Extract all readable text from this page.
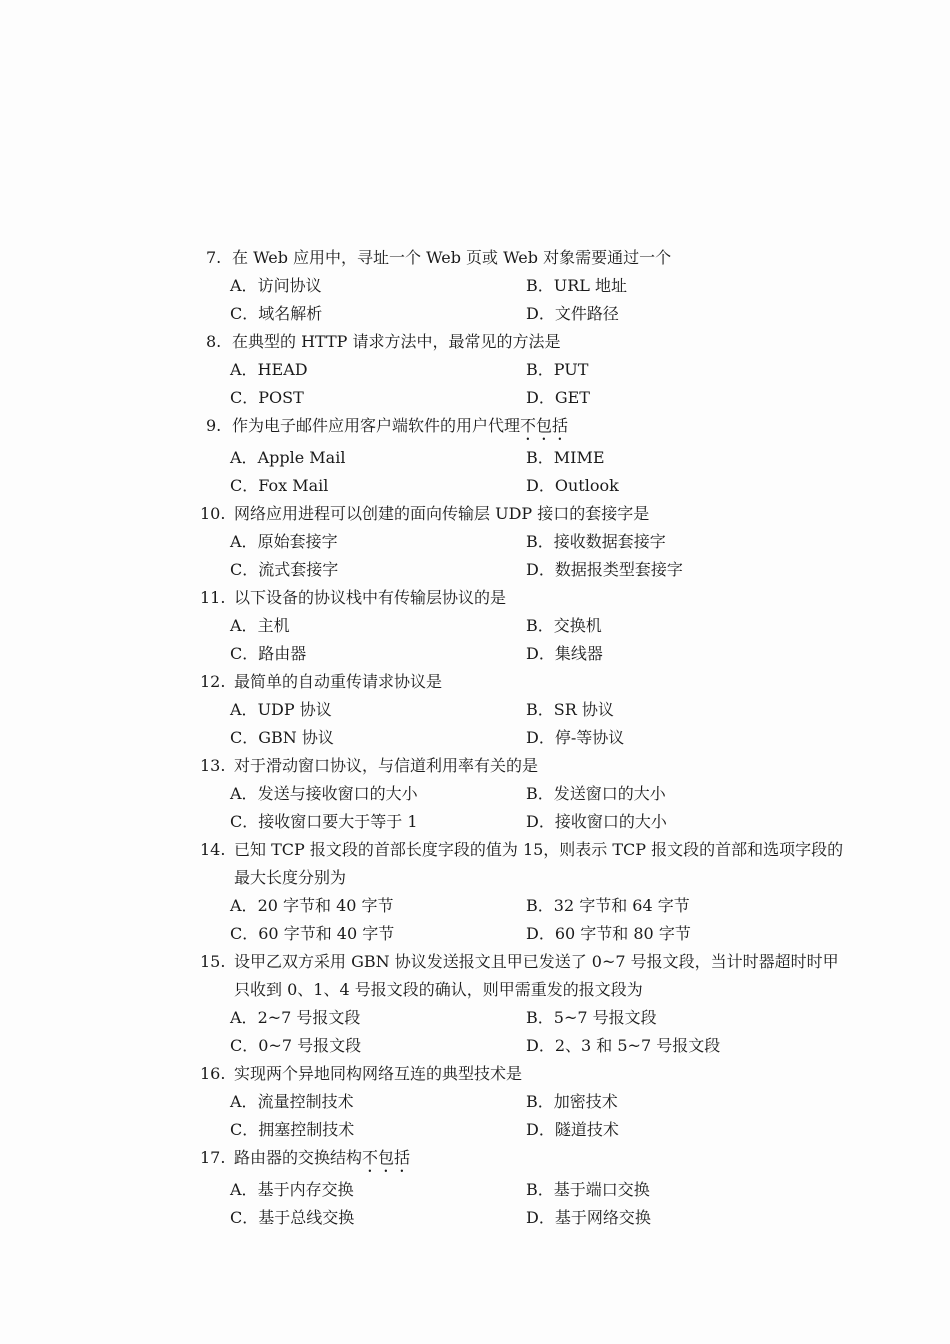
7. 在 Web 应用中，寻址一个 Web 页或 Web 对象需要通过一个
A．访问协议	B．URL 地址
C．域名解析	D．文件路径
8. 在典型的 HTTP 请求方法中，最常见的方法是
A．HEAD	B．PUT
C．POST	D．GET
9. 作为电子邮件应用客户端软件的用户代理不包括
A．Apple Mail	B．MIME
C．Fox Mail	D．Outlook
10. 网络应用进程可以创建的面向传输层 UDP 接口的套接字是
A．原始套接字	B．接收数据套接字
C．流式套接字	D．数据报类型套接字
11. 以下设备的协议栈中有传输层协议的是
A．主机	B．交换机
C．路由器	D．集线器
12. 最简单的自动重传请求协议是
A．UDP 协议	B．SR 协议
C．GBN 协议	D．停-等协议
13. 对于滑动窗口协议，与信道利用率有关的是
A．发送与接收窗口的大小	B．发送窗口的大小
C．接收窗口要大于等于 1	D．接收窗口的大小
14. 已知 TCP 报文段的首部长度字段的值为 15，则表示 TCP 报文段的首部和选项字段的最大长度分别为
A．20 字节和 40 字节	B．32 字节和 64 字节
C．60 字节和 40 字节	D．60 字节和 80 字节
15. 设甲乙双方采用 GBN 协议发送报文且甲已发送了 0~7 号报文段，当计时器超时时甲只收到 0、1、4 号报文段的确认，则甲需重发的报文段为
A．2~7 号报文段	B．5~7 号报文段
C．0~7 号报文段	D．2、3 和 5~7 号报文段
16. 实现两个异地同构网络互连的典型技术是
A．流量控制技术	B．加密技术
C．拥塞控制技术	D．隧道技术
17. 路由器的交换结构不包括
A．基于内存交换	B．基于端口交换
C．基于总线交换	D．基于网络交换
